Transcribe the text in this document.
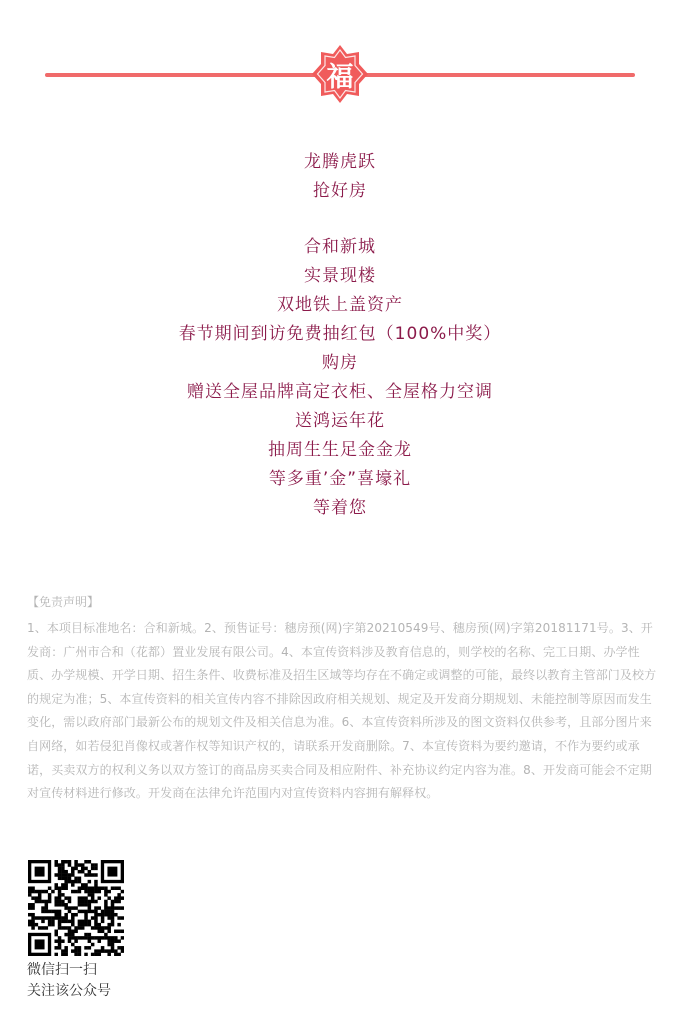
福
龙腾虎跃
抢好房
合和新城
实景现楼
双地铁上盖资产
春节期间到访免费抽红包（100%中奖）
购房
赠送全屋品牌高定衣柜、全屋格力空调
送鸿运年花
抽周生生足金金龙
等多重’金”喜壕礼
等着您
【免责声明】
1、本项目标准地名：合和新城。2、预售证号：穗房预(网)字第20210549号、穗房预(网)字第20181171号。3、开发商：广州市合和（花都）置业发展有限公司。4、本宣传资料涉及教育信息的，则学校的名称、完工日期、办学性质、办学规模、开学日期、招生条件、收费标准及招生区域等均存在不确定或调整的可能，最终以教育主管部门及校方的规定为准；5、本宣传资料的相关宣传内容不排除因政府相关规划、规定及开发商分期规划、未能控制等原因而发生变化，需以政府部门最新公布的规划文件及相关信息为准。6、本宣传资料所涉及的图文资料仅供参考，且部分图片来自网络，如若侵犯肖像权或著作权等知识产权的，请联系开发商删除。7、本宣传资料为要约邀请，不作为要约或承诺，买卖双方的权利义务以双方签订的商品房买卖合同及相应附件、补充协议约定内容为准。8、开发商可能会不定期对宣传材料进行修改。开发商在法律允许范围内对宣传资料内容拥有解释权。
微信扫一扫
关注该公众号
